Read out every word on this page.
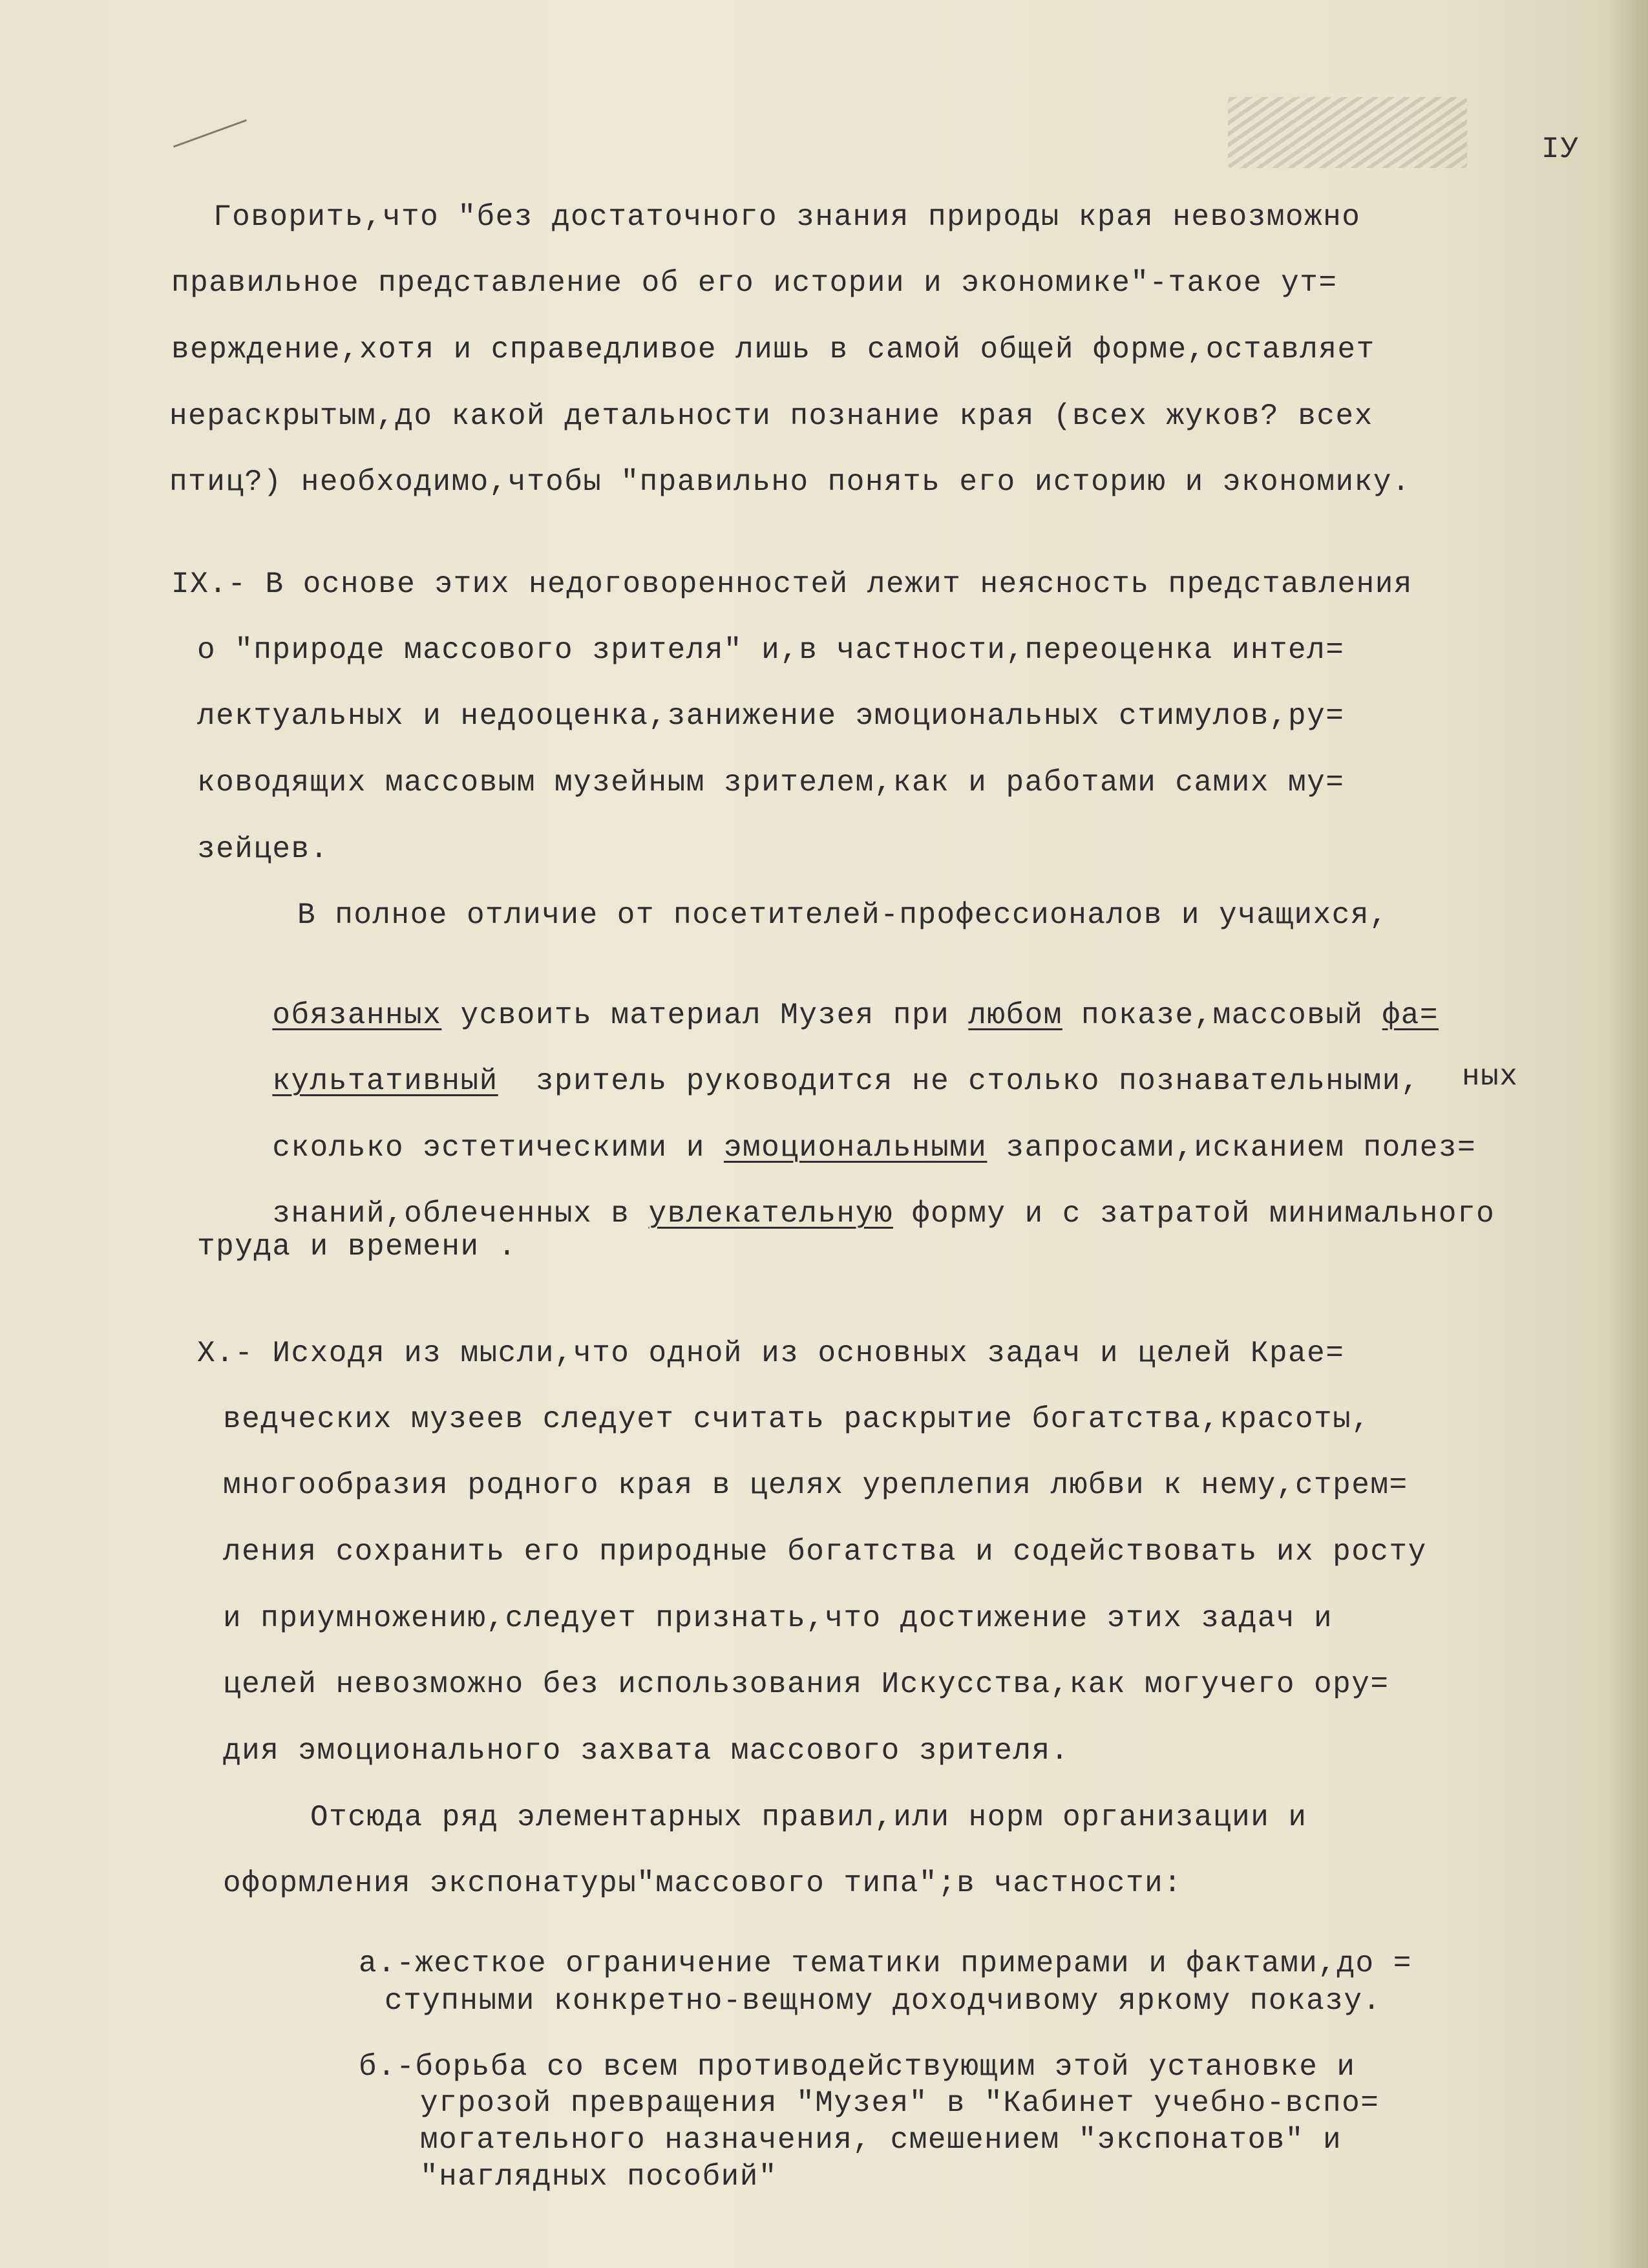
IУ
Говорить,что "без достаточного знания природы края невозможно
правильное представление об его истории и экономике"-такое ут=
верждение,хотя и справедливое лишь в самой общей форме,оставляет
нераскрытым,до какой детальности познание края (всех жуков? всех
птиц?) необходимо,чтобы "правильно понять его историю и экономику.
IX.- В основе этих недоговоренностей лежит неясность представления
о "природе массового зрителя" и,в частности,переоценка интел=
лектуальных и недооценка,занижение эмоциональных стимулов,ру=
ководящих массовым музейным зрителем,как и работами самих му=
зейцев.
В полное отличие от посетителей-профессионалов и учащихся,

обязанных усвоить материал Музея при любом показе,массовый фа=

культативный  зритель руководится не столько познавательными,
ных

сколько эстетическими и эмоциональными запросами,исканием полез=

знаний,облеченных в увлекательную форму и с затратой минимального

труда и времени .
X.- Исходя из мысли,что одной из основных задач и целей Крае=
ведческих музеев следует считать раскрытие богатства,красоты,
многообразия родного края в целях уреплепия любви к нему,стрем=
ления сохранить его природные богатства и содействовать их росту
и приумножению,следует признать,что достижение этих задач и
целей невозможно без использования Искусства,как могучего ору=
дия эмоционального захвата массового зрителя.
Отсюда ряд элементарных правил,или норм организации и
оформления экспонатуры"массового типа";в частности:
а.-жесткое ограничение тематики примерами и фактами,до =
ступными конкретно-вещному доходчивому яркому показу.
б.-борьба со всем противодействующим этой установке и
угрозой превращения "Музея" в "Кабинет учебно-вспо=
могательного назначения, смешением "экспонатов" и
"наглядных пособий"
